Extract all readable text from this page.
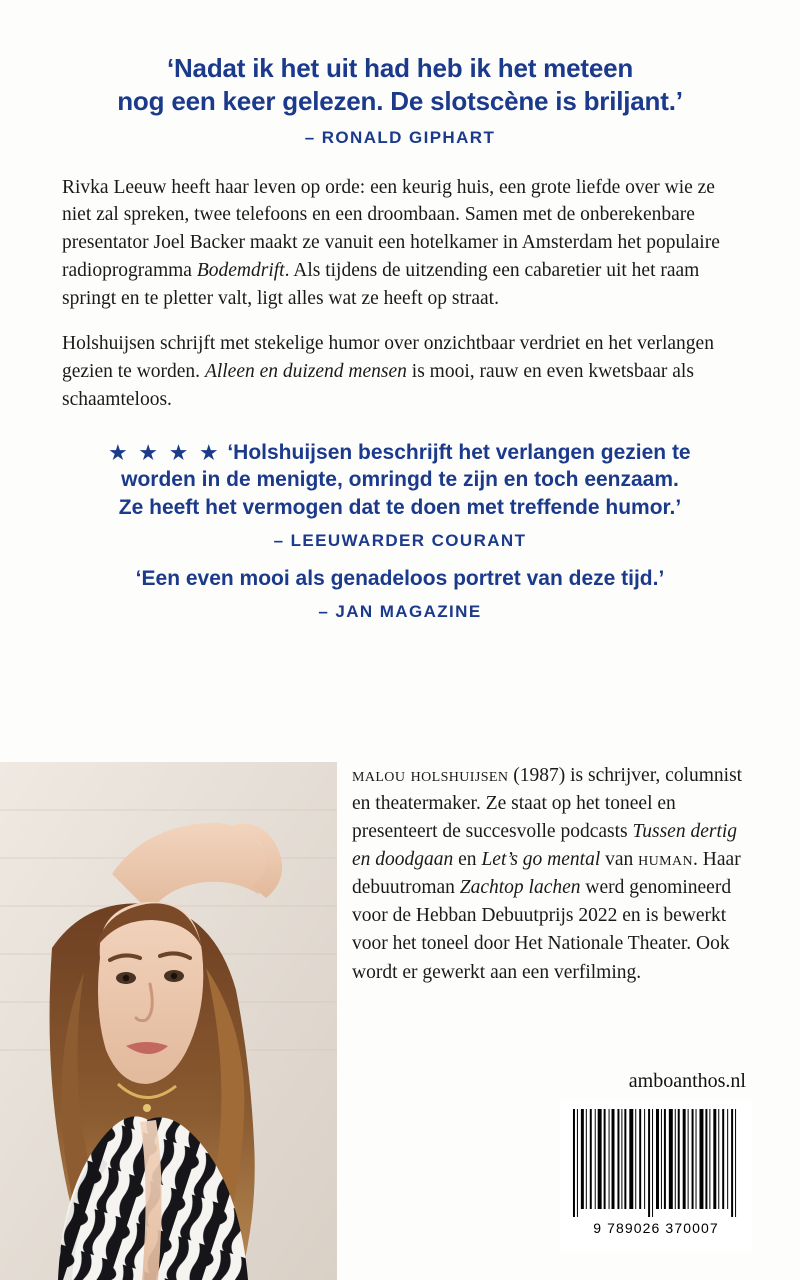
‘Nadat ik het uit had heb ik het meteen
nog een keer gelezen. De slotscène is briljant.’
– RONALD GIPHART

Rivka Leeuw heeft haar leven op orde: een keurig huis, een grote liefde over wie ze niet zal spreken, twee telefoons en een droombaan. Samen met de onberekenbare presentator Joel Backer maakt ze vanuit een hotelkamer in Amsterdam het populaire radioprogramma Bodemdrift. Als tijdens de uitzending een cabaretier uit het raam springt en te pletter valt, ligt alles wat ze heeft op straat.

Holshuijsen schrijft met stekelige humor over onzichtbaar verdriet en het verlangen gezien te worden. Alleen en duizend mensen is mooi, rauw en even kwetsbaar als schaamteloos.

★ ★ ★ ★ ‘Holshuijsen beschrijft het verlangen gezien te
worden in de menigte, omringd te zijn en toch eenzaam.
Ze heeft het vermogen dat te doen met treffende humor.’
– LEEUWARDER COURANT
‘Een even mooi als genadeloos portret van deze tijd.’
– JAN MAGAZINE

malou holshuijsen (1987) is schrijver, columnist en theatermaker. Ze staat op het toneel en presenteert de succesvolle podcasts Tussen dertig en doodgaan en Let’s go mental van human. Haar debuutroman Zachtop lachen werd genomineerd voor de Hebban Debuutprijs 2022 en is bewerkt voor het toneel door Het Nationale Theater. Ook wordt er gewerkt aan een verfilming.

amboanthos.nl
9 789026 370007
